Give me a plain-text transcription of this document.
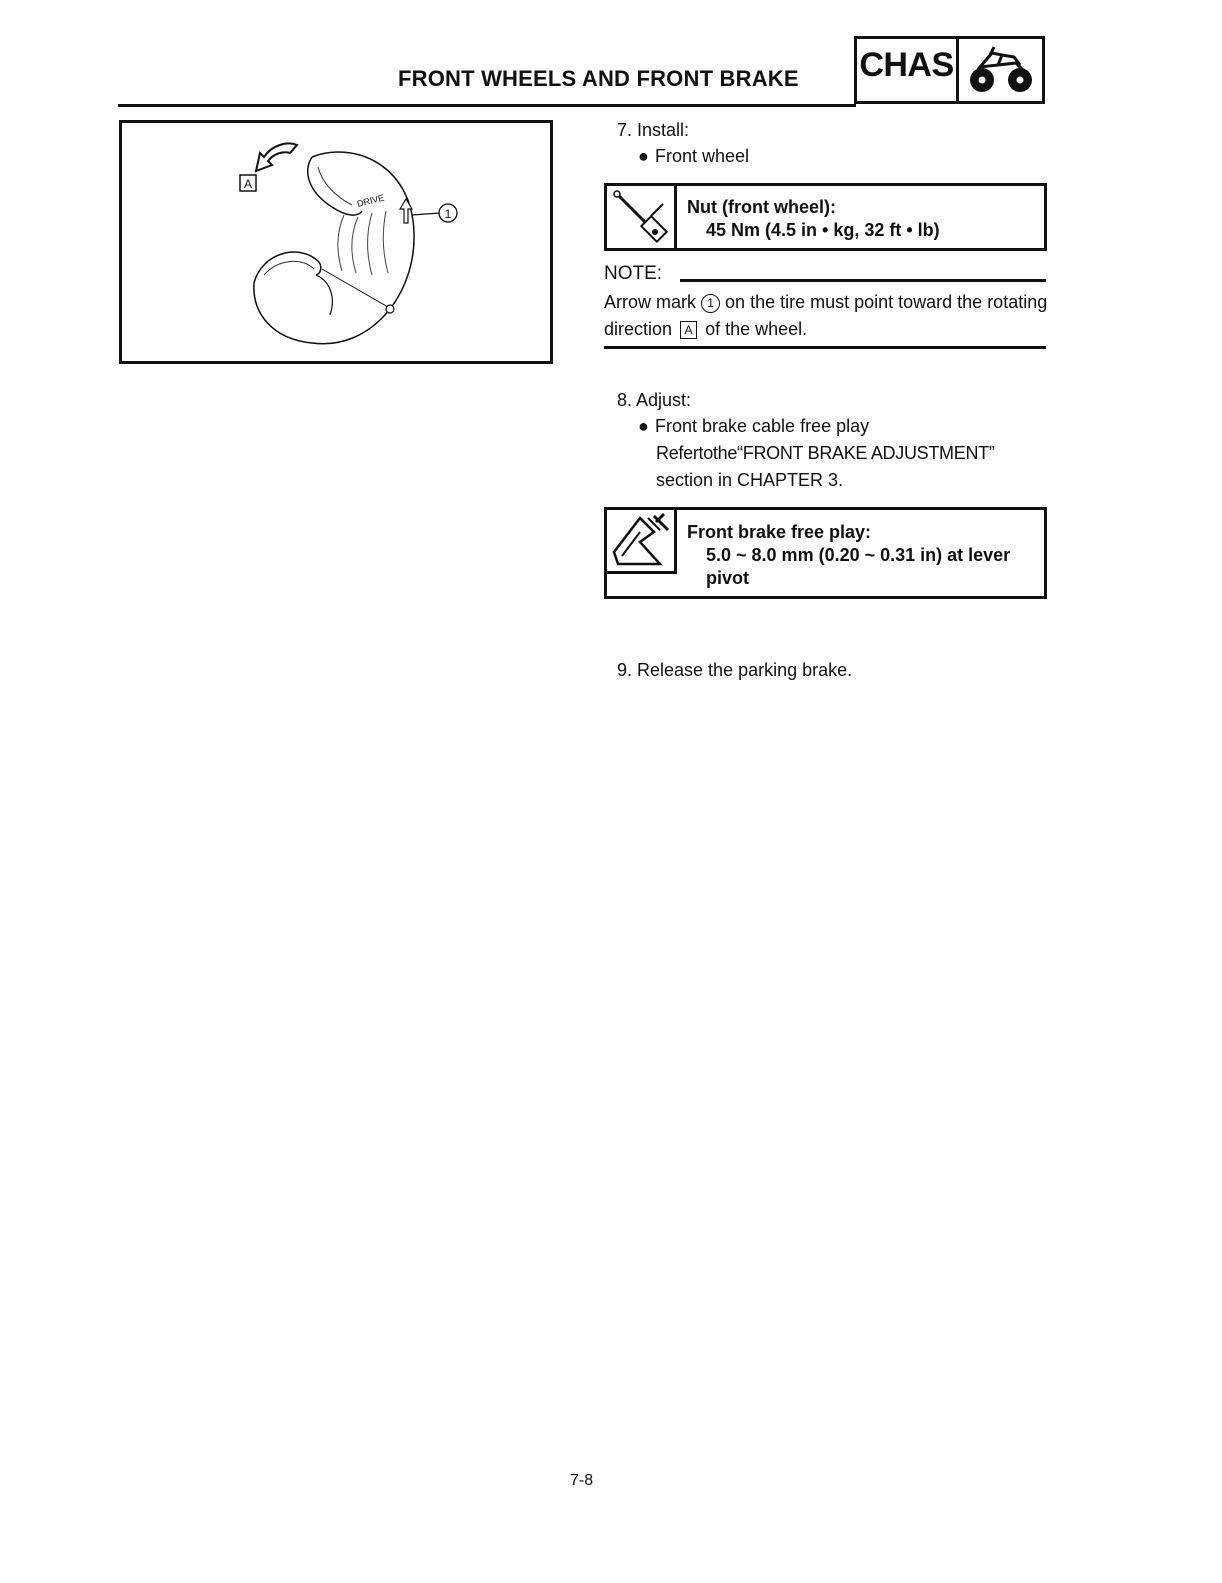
FRONT WHEELS AND FRONT BRAKE CHAS
A
DRIVE
1
7. Install:
● Front wheel
Nut (front wheel):
45 Nm (4.5 in • kg, 32 ft • lb)
NOTE:
Arrow mark 1 on the tire must point toward the rotating direction A of the wheel.
8. Adjust:
● Front brake cable free play
Refertothe“FRONT BRAKE ADJUSTMENT”
section in CHAPTER 3.
Front brake free play:
5.0 ~ 8.0 mm (0.20 ~ 0.31 in) at lever
pivot
9. Release the parking brake.
7-8
